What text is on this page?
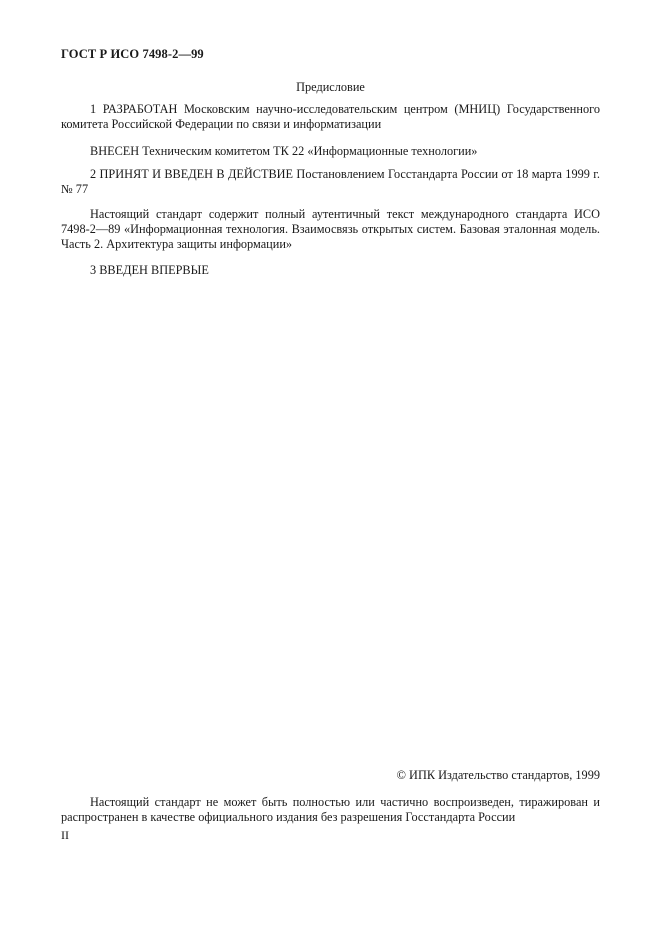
ГОСТ Р ИСО 7498-2—99
Предисловие
1 РАЗРАБОТАН Московским научно-исследовательским центром (МНИЦ) Государственного комитета Российской Федерации по связи и информатизации
ВНЕСЕН Техническим комитетом ТК 22 «Информационные технологии»
2 ПРИНЯТ И ВВЕДЕН В ДЕЙСТВИЕ Постановлением Госстандарта России от 18 марта 1999 г. № 77
Настоящий стандарт содержит полный аутентичный текст международного стандарта ИСО 7498-2—89 «Информационная технология. Взаимосвязь открытых систем. Базовая эталонная модель. Часть 2. Архитектура защиты информации»
3 ВВЕДЕН ВПЕРВЫЕ
© ИПК Издательство стандартов, 1999
Настоящий стандарт не может быть полностью или частично воспроизведен, тиражирован и распространен в качестве официального издания без разрешения Госстандарта России
II
